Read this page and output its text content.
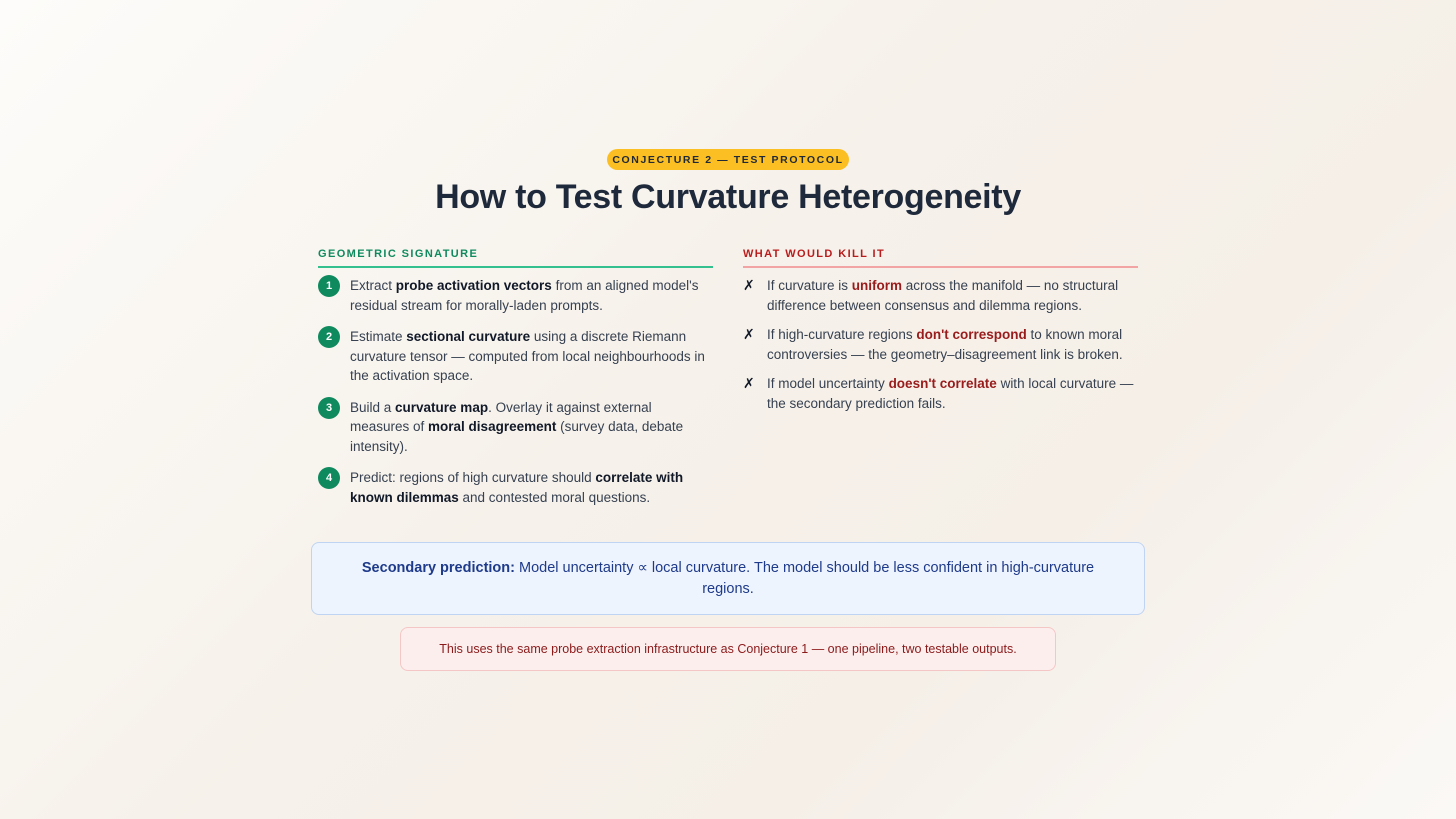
CONJECTURE 2 — TEST PROTOCOL
How to Test Curvature Heterogeneity
GEOMETRIC SIGNATURE
1	Extract probe activation vectors from an aligned model's residual stream for morally-laden prompts.
2	Estimate sectional curvature using a discrete Riemann curvature tensor — computed from local neighbourhoods in the activation space.
3	Build a curvature map. Overlay it against external measures of moral disagreement (survey data, debate intensity).
4	Predict: regions of high curvature should correlate with known dilemmas and contested moral questions.
WHAT WOULD KILL IT
✗ If curvature is uniform across the manifold — no structural difference between consensus and dilemma regions.
✗ If high-curvature regions don't correspond to known moral controversies — the geometry–disagreement link is broken.
✗ If model uncertainty doesn't correlate with local curvature — the secondary prediction fails.

Secondary prediction: Model uncertainty ∝ local curvature. The model should be less confident in high-curvature regions.

This uses the same probe extraction infrastructure as Conjecture 1 — one pipeline, two testable outputs.
